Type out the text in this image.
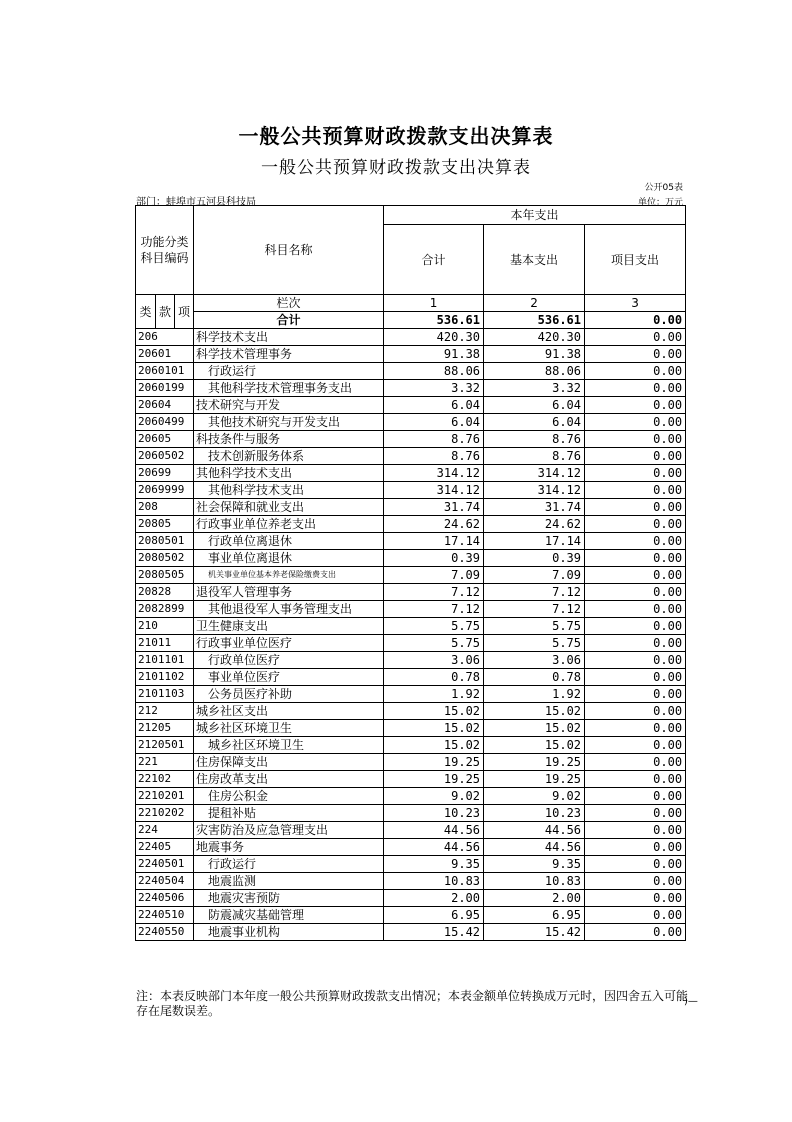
一般公共预算财政拨款支出决算表
一般公共预算财政拨款支出决算表
公开05表
部门：蚌埠市五河县科技局	单位：万元
功能分类科目编码			科目名称	本年支出		
				合计	基本支出	项目支出
类	款	项	栏次	1	2	3
			合计	536.61	536.61	0.00
206			科学技术支出	420.30	420.30	0.00
20601			科学技术管理事务	91.38	91.38	0.00
2060101			行政运行	88.06	88.06	0.00
2060199			其他科学技术管理事务支出	3.32	3.32	0.00
20604			技术研究与开发	6.04	6.04	0.00
2060499			其他技术研究与开发支出	6.04	6.04	0.00
20605			科技条件与服务	8.76	8.76	0.00
2060502			技术创新服务体系	8.76	8.76	0.00
20699			其他科学技术支出	314.12	314.12	0.00
2069999			其他科学技术支出	314.12	314.12	0.00
208			社会保障和就业支出	31.74	31.74	0.00
20805			行政事业单位养老支出	24.62	24.62	0.00
2080501			行政单位离退休	17.14	17.14	0.00
2080502			事业单位离退休	0.39	0.39	0.00
2080505			机关事业单位基本养老保险缴费支出	7.09	7.09	0.00
20828			退役军人管理事务	7.12	7.12	0.00
2082899			其他退役军人事务管理支出	7.12	7.12	0.00
210			卫生健康支出	5.75	5.75	0.00
21011			行政事业单位医疗	5.75	5.75	0.00
2101101			行政单位医疗	3.06	3.06	0.00
2101102			事业单位医疗	0.78	0.78	0.00
2101103			公务员医疗补助	1.92	1.92	0.00
212			城乡社区支出	15.02	15.02	0.00
21205			城乡社区环境卫生	15.02	15.02	0.00
2120501			城乡社区环境卫生	15.02	15.02	0.00
221			住房保障支出	19.25	19.25	0.00
22102			住房改革支出	19.25	19.25	0.00
2210201			住房公积金	9.02	9.02	0.00
2210202			提租补贴	10.23	10.23	0.00
224			灾害防治及应急管理支出	44.56	44.56	0.00
22405			地震事务	44.56	44.56	0.00
2240501			行政运行	9.35	9.35	0.00
2240504			地震监测	10.83	10.83	0.00
2240506			地震灾害预防	2.00	2.00	0.00
2240510			防震减灾基础管理	6.95	6.95	0.00
2240550			地震事业机构	15.42	15.42	0.00
注：本表反映部门本年度一般公共预算财政拨款支出情况；本表金额单位转换成万元时，因四舍五入可能存在尾数误差。
)—
